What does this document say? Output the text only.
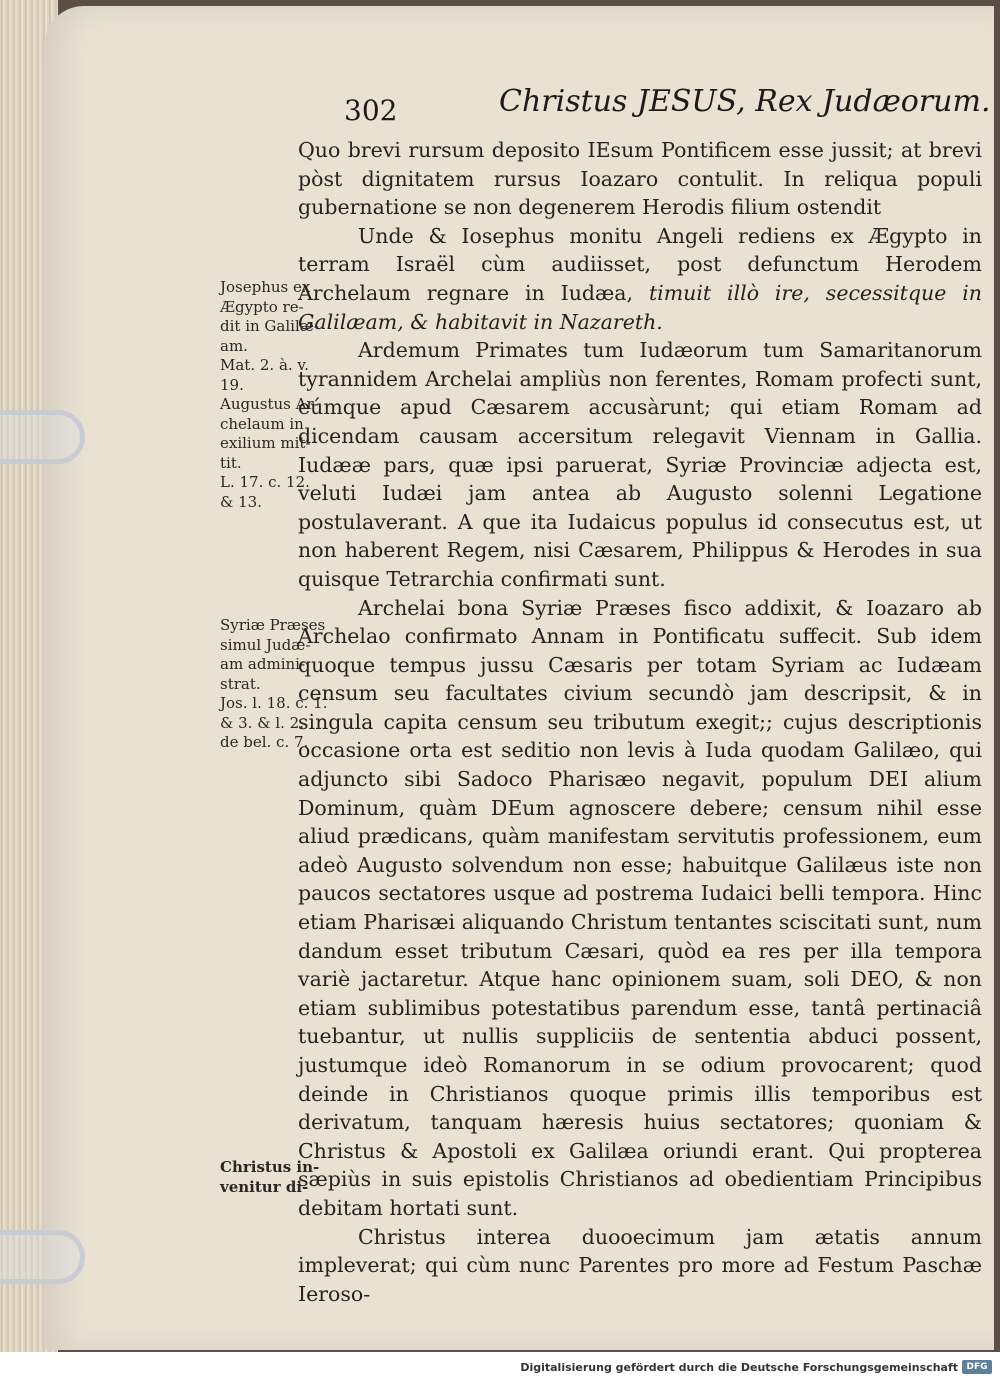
302	Christus JESUS, Rex Judæorum.
Josephus ex
Ægypto re-
dit in Galilæ-
am.
Mat. 2. à. v.
19.
Augustus Ar-
chelaum in
exilium mit-
tit.
L. 17. c. 12.
& 13.
Syriæ Præses
simul Judæ-
am admini-
strat.
Jos. l. 18. c. 1.
& 3. & l. 2.
de bel. c. 7.
Christus in-
venitur di-

Quo brevi rursum deposito IEsum Pontificem esse jussit; at brevi pòst dignitatem rursus Ioazaro contulit. In reliqua populi gubernatione se non degenerem Herodis filium ostendit

Unde & Iosephus monitu Angeli rediens ex Ægypto in terram Israël cùm audiisset, post defunctum Herodem Archelaum regnare in Iudæa, timuit illò ire, secessitque in Galilæam, & habitavit in Nazareth.

Ardemum Primates tum Iudæorum tum Samaritanorum tyrannidem Archelai ampliùs non ferentes, Romam profecti sunt, eúmque apud Cæsarem accusàrunt; qui etiam Romam ad dicendam causam accersitum relegavit Viennam in Gallia. Iudææ pars, quæ ipsi paruerat, Syriæ Provinciæ adjecta est, veluti Iudæi jam antea ab Augusto solenni Legatione postulaverant. A que ita Iudaicus populus id consecutus est, ut non haberent Regem, nisi Cæsarem, Philippus & Herodes in sua quisque Tetrarchia confirmati sunt.

Archelai bona Syriæ Præses fisco addixit, & Ioazaro ab Archelao confirmato Annam in Pontificatu suffecit. Sub idem quoque tempus jussu Cæsaris per totam Syriam ac Iudæam censum seu facultates civium secundò jam descripsit, & in singula capita censum seu tributum exegit;; cujus descriptionis occasione orta est seditio non levis à Iuda quodam Galilæo, qui adjuncto sibi Sadoco Pharisæo negavit, populum DEI alium Dominum, quàm DEum agnoscere debere; censum nihil esse aliud prædicans, quàm manifestam servitutis professionem, eum adeò Augusto solvendum non esse; habuitque Galilæus iste non paucos sectatores usque ad postrema Iudaici belli tempora. Hinc etiam Pharisæi aliquando Christum tentantes sciscitati sunt, num dandum esset tributum Cæsari, quòd ea res per illa tempora variè jactaretur. Atque hanc opinionem suam, soli DEO, & non etiam sublimibus potestatibus parendum esse, tantâ pertinaciâ tuebantur, ut nullis suppliciis de sententia abduci possent, justumque ideò Romanorum in se odium provocarent; quod deinde in Christianos quoque primis illis temporibus est derivatum, tanquam hæresis huius sectatores; quoniam & Christus & Apostoli ex Galilæa oriundi erant. Qui propterea sæpiùs in suis epistolis Christianos ad obedientiam Principibus debitam hortati sunt.

Christus interea duooecimum jam ætatis annum impleverat; qui cùm nunc Parentes pro more ad Festum Paschæ Ieroso-

Digitalisierung gefördert durch die Deutsche Forschungsgemeinschaft DFG
